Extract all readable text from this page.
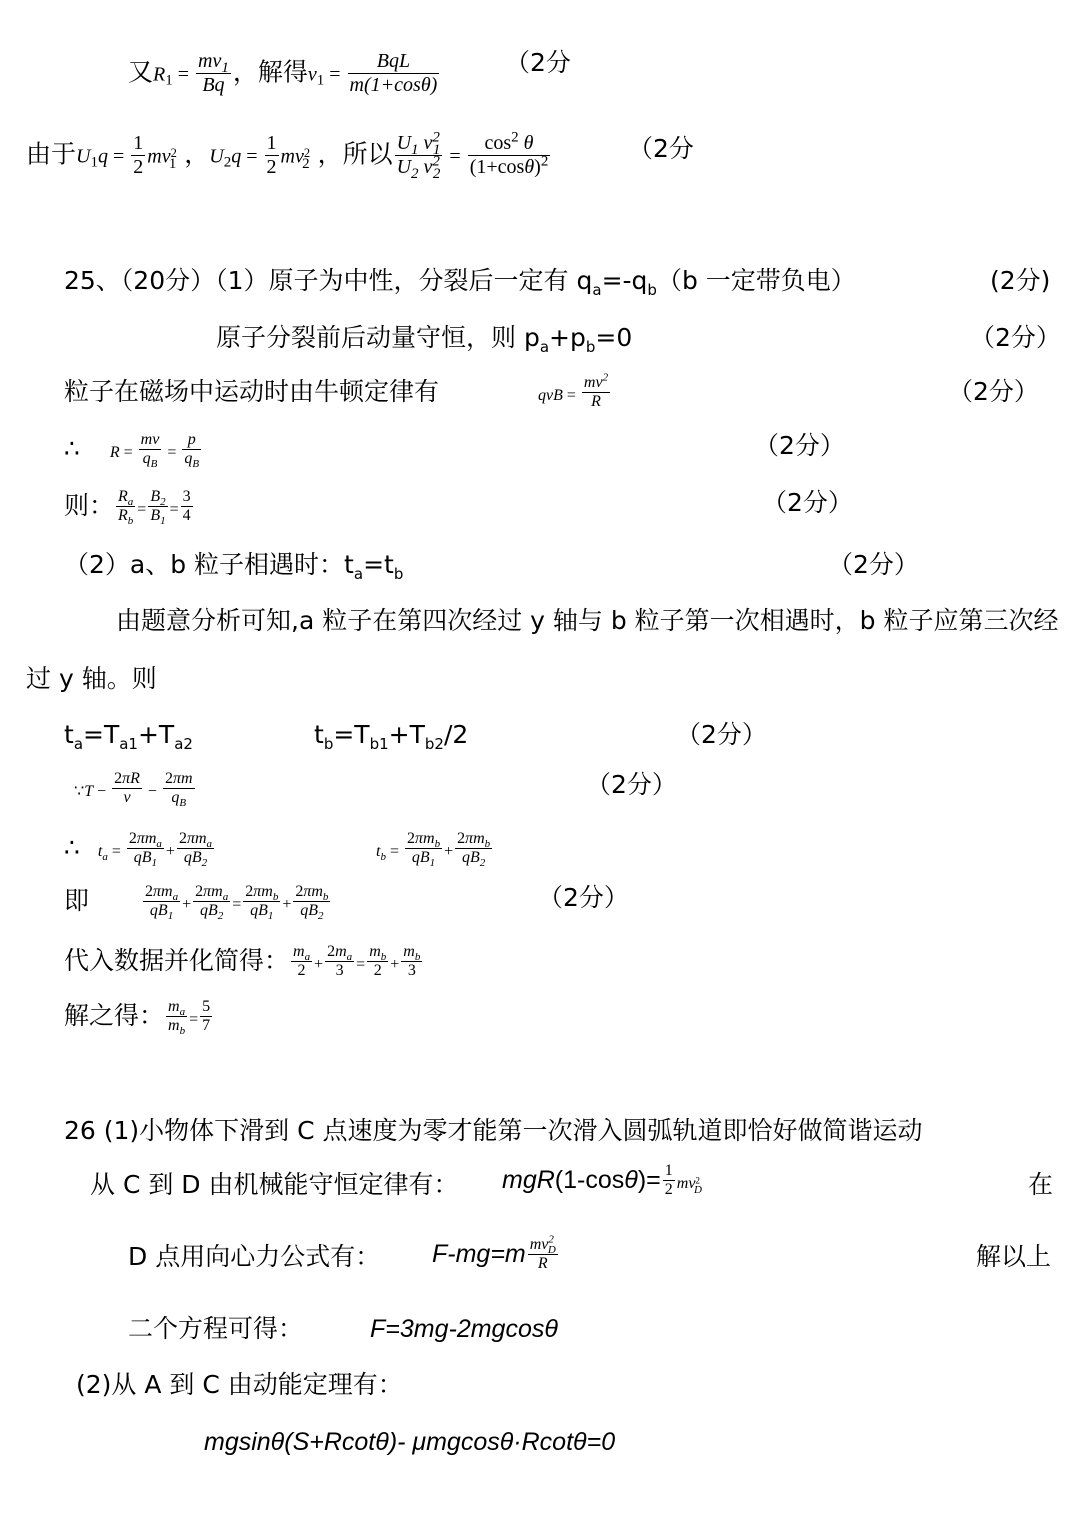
又$R1 = \frac{mv_1}{Bq}$ ，解得$v1 = \frac{\text{BqL}}{m(1+\cos\theta)}$	（2分
由于$U1q = \frac{1}{2} mv^2_1$ ，$U2q = \frac{1}{2} mv^2_2$ ，所以 $\frac{U_1 v^2_1}{U_2 v^2_2} = \frac{\cos^2 \theta}{(1+\cos\theta)^2}$	（2分
25、（20分）（1）原子为中性，分裂后一定有 $q_a=-q_b(b$ 一定带负电）	(2分)
原子分裂前后动量守恒，则 $p_a+p_b=0$	（2分）
粒子在磁场中运动时由牛顿定律有	qvB = $\frac{mv^2}{R}$	（2分）
∴ $R = \frac{mv}{q_B} = \frac{p}{q_B}$	（2分）
则： $\frac{R_a}{R_b} = \frac{B_2}{B_1} = \frac{3}{4}$	（2分）
（2）a、b 粒子相遇时：$t_a=t_b$	（2分）
由题意分析可知,a 粒子在第四次经过 y 轴与 b 粒子第一次相遇时，b 粒子应第三次经
过 y 轴。则
$t_a=T_{a1}+T_{a2}$	$t_b=T_{b1}+T_{b2}/2$	（2分）
∵T − $\frac{2\pi R}{v} - \frac{2\pi m}{q_B}$	（2分）
∴ $t_a = \frac{2\pi m_a}{qB_1} + \frac{2\pi m_a}{qB_2}$	$t_b = \frac{2\pi m_b}{qB_1} + \frac{2\pi m_b}{qB_2}$
即	$\frac{2\pi m_a}{qB_1} + \frac{2\pi m_a}{qB_2} = \frac{2\pi m_b}{qB_1} + \frac{2\pi m_b}{qB_2}$	（2分）
代入数据并化简得： $\frac{m_a}{2} + \frac{2m_a}{3} = \frac{m_b}{2} + \frac{m_b}{3}$
解之得： $\frac{m_a}{m_b} = \frac{5}{7}$
26 (1)小物体下滑到 C 点速度为零才能第一次滑入圆弧轨道即恰好做简谐运动
从 C 到 D 由机械能守恒定律有： $mgR(1-\cos\theta)= \frac{1}{2} mv^2_D$	在
D 点用向心力公式有： $F-mg=m \frac{mv^2_D}{R}$	解以上
二个方程可得：	F=3mg-2mgcosθ
(2)从 A 到 C 由动能定理有：
mgsinθ(S+Rcotθ)- μmgcosθ·Rcotθ=0
